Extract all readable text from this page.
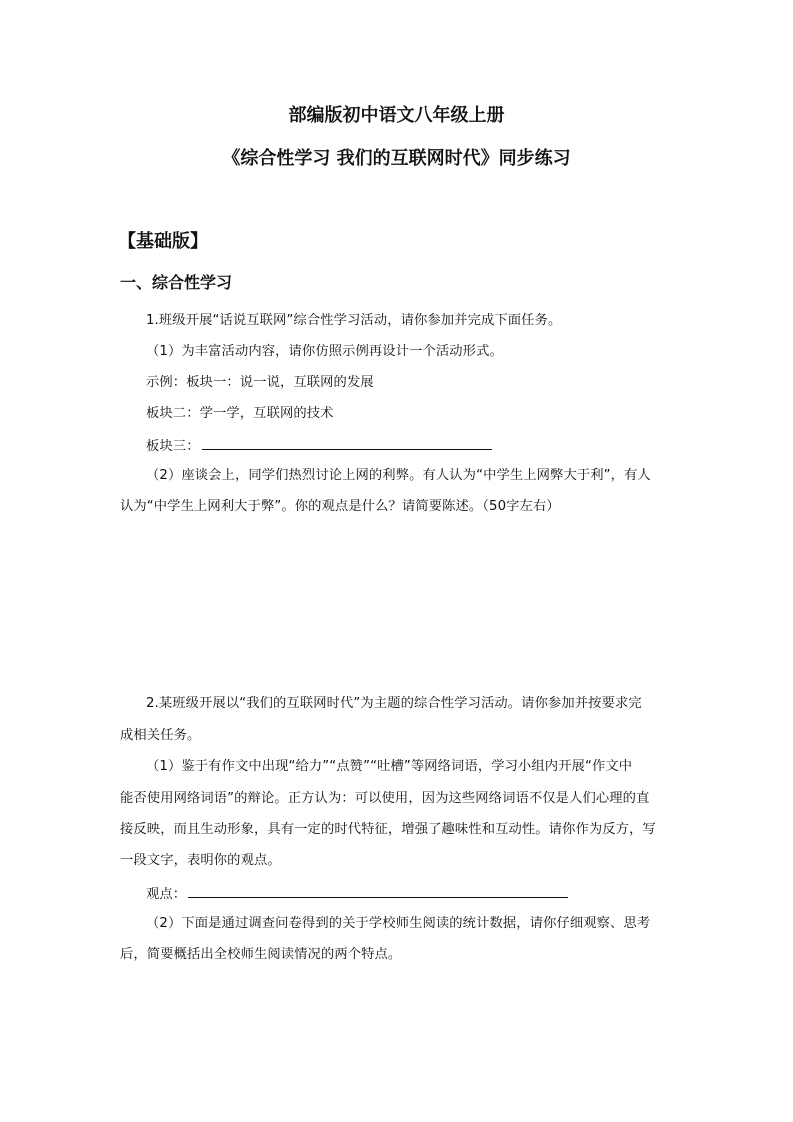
部编版初中语文八年级上册
《综合性学习 我们的互联网时代》同步练习
【基础版】
一、综合性学习
1.班级开展“话说互联网”综合性学习活动，请你参加并完成下面任务。
（1）为丰富活动内容，请你仿照示例再设计一个活动形式。
示例：板块一：说一说，互联网的发展
板块二：学一学，互联网的技术
板块三：
（2）座谈会上，同学们热烈讨论上网的利弊。有人认为“中学生上网弊大于利”，有人
认为“中学生上网利大于弊”。你的观点是什么？请简要陈述。（50字左右）
2.某班级开展以“我们的互联网时代”为主题的综合性学习活动。请你参加并按要求完
成相关任务。
（1）鉴于有作文中出现“给力”“点赞”“吐槽”等网络词语，学习小组内开展“作文中
能否使用网络词语”的辩论。正方认为：可以使用，因为这些网络词语不仅是人们心理的直
接反映，而且生动形象，具有一定的时代特征，增强了趣味性和互动性。请你作为反方，写
一段文字，表明你的观点。
观点：
（2）下面是通过调查问卷得到的关于学校师生阅读的统计数据，请你仔细观察、思考
后，简要概括出全校师生阅读情况的两个特点。
